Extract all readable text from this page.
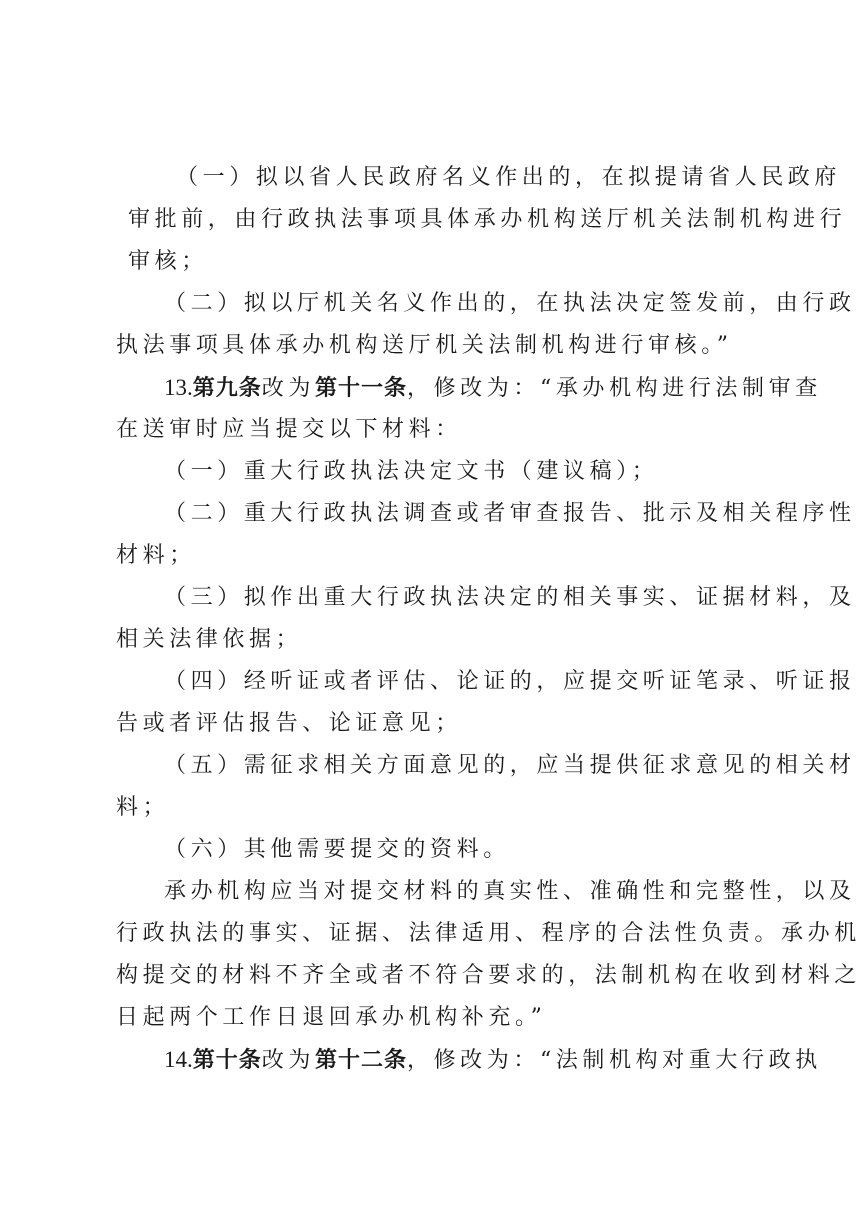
（一）拟以省人民政府名义作出的，在拟提请省人民政府
审批前，由行政执法事项具体承办机构送厅机关法制机构进行
审核；
（二）拟以厅机关名义作出的，在执法决定签发前，由行政
执法事项具体承办机构送厅机关法制机构进行审核。”
13.第九条改为第十一条，修改为：“承办机构进行法制审查
在送审时应当提交以下材料：
（一）重大行政执法决定文书（建议稿）；
（二）重大行政执法调查或者审查报告、批示及相关程序性
材料；
（三）拟作出重大行政执法决定的相关事实、证据材料，及
相关法律依据；
（四）经听证或者评估、论证的，应提交听证笔录、听证报
告或者评估报告、论证意见；
（五）需征求相关方面意见的，应当提供征求意见的相关材
料；
（六）其他需要提交的资料。
承办机构应当对提交材料的真实性、准确性和完整性，以及
行政执法的事实、证据、法律适用、程序的合法性负责。承办机
构提交的材料不齐全或者不符合要求的，法制机构在收到材料之
日起两个工作日退回承办机构补充。”
14.第十条改为第十二条，修改为：“法制机构对重大行政执
